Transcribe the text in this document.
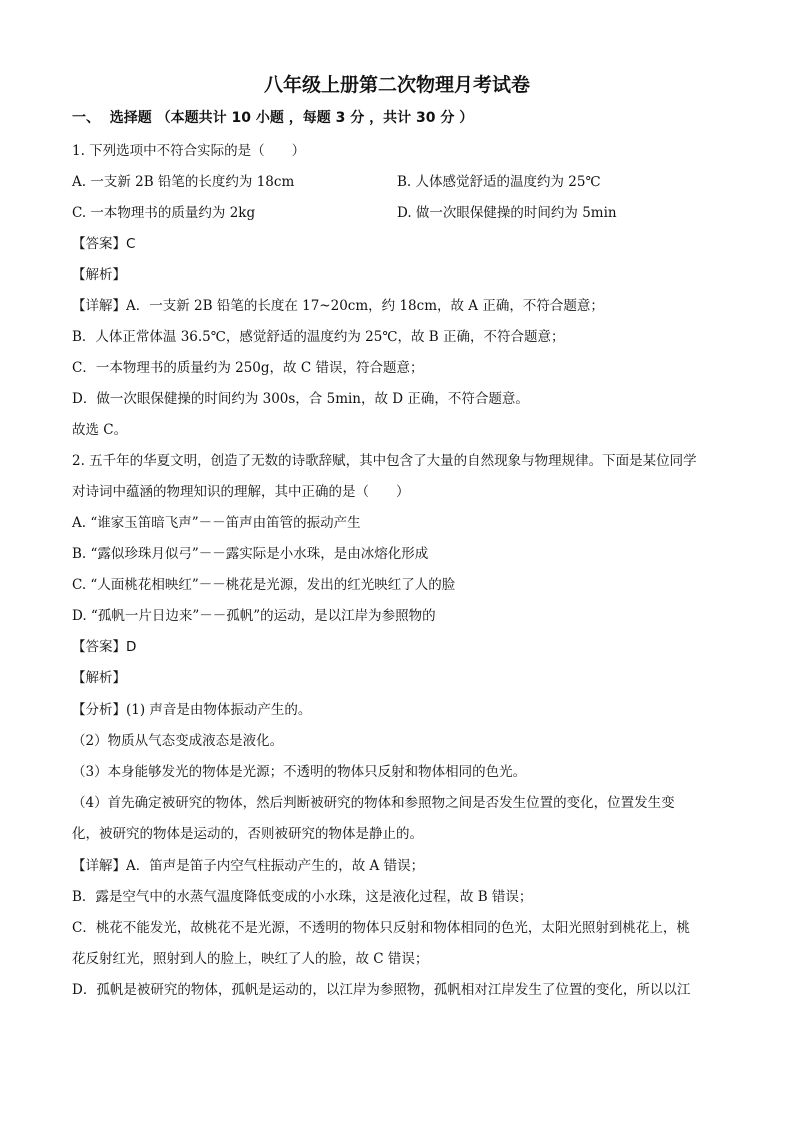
八年级上册第二次物理月考试卷
一、  选择题 （本题共计 10 小题 ，每题 3 分 ，共计 30 分 ）
1. 下列选项中不符合实际的是（　　）
A. 一支新 2B 铅笔的长度约为 18cm	B. 人体感觉舒适的温度约为 25℃
C. 一本物理书的质量约为 2kg	D. 做一次眼保健操的时间约为 5min
【答案】C
【解析】
【详解】A．一支新 2B 铅笔的长度在 17~20cm，约 18cm，故 A 正确，不符合题意；
B．人体正常体温 36.5℃，感觉舒适的温度约为 25℃，故 B 正确，不符合题意；
C．一本物理书的质量约为 250g，故 C 错误，符合题意；
D．做一次眼保健操的时间约为 300s，合 5min，故 D 正确，不符合题意。
故选 C。
2. 五千年的华夏文明，创造了无数的诗歌辞赋，其中包含了大量的自然现象与物理规律。下面是某位同学
对诗词中蕴涵的物理知识的理解，其中正确的是（　　）
A. “谁家玉笛暗飞声”－－笛声由笛管的振动产生
B. “露似珍珠月似弓”－－露实际是小水珠，是由冰熔化形成
C. “人面桃花相映红”－－桃花是光源，发出的红光映红了人的脸
D. “孤帆一片日边来”－－孤帆”的运动，是以江岸为参照物的
【答案】D
【解析】
【分析】(1) 声音是由物体振动产生的。
（2）物质从气态变成液态是液化。
（3）本身能够发光的物体是光源；不透明的物体只反射和物体相同的色光。
（4）首先确定被研究的物体，然后判断被研究的物体和参照物之间是否发生位置的变化，位置发生变
化，被研究的物体是运动的，否则被研究的物体是静止的。
【详解】A．笛声是笛子内空气柱振动产生的，故 A 错误；
B．露是空气中的水蒸气温度降低变成的小水珠，这是液化过程，故 B 错误；
C．桃花不能发光，故桃花不是光源，不透明的物体只反射和物体相同的色光，太阳光照射到桃花上，桃
花反射红光，照射到人的脸上，映红了人的脸，故 C 错误；
D．孤帆是被研究的物体，孤帆是运动的，以江岸为参照物，孤帆相对江岸发生了位置的变化，所以以江
